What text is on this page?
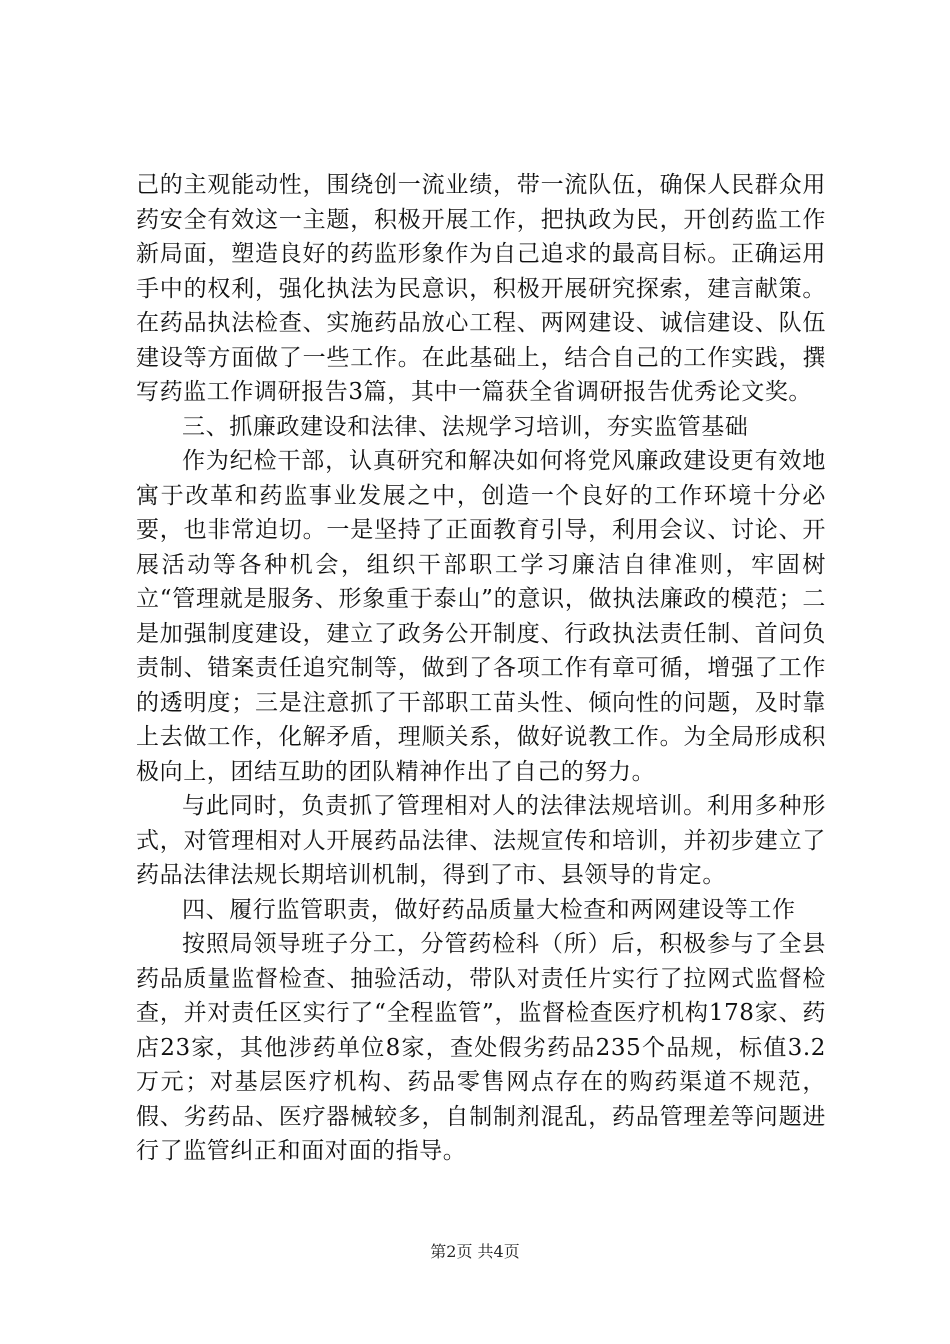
己的主观能动性，围绕创一流业绩，带一流队伍，确保人民群众用药安全有效这一主题，积极开展工作，把执政为民，开创药监工作新局面，塑造良好的药监形象作为自己追求的最高目标。正确运用手中的权利，强化执法为民意识，积极开展研究探索，建言献策。在药品执法检查、实施药品放心工程、两网建设、诚信建设、队伍建设等方面做了一些工作。在此基础上，结合自己的工作实践，撰写药监工作调研报告3篇，其中一篇获全省调研报告优秀论文奖。

三、抓廉政建设和法律、法规学习培训，夯实监管基础

作为纪检干部，认真研究和解决如何将党风廉政建设更有效地寓于改革和药监事业发展之中，创造一个良好的工作环境十分必要，也非常迫切。一是坚持了正面教育引导，利用会议、讨论、开展活动等各种机会，组织干部职工学习廉洁自律准则，牢固树立“管理就是服务、形象重于泰山”的意识，做执法廉政的模范；二是加强制度建设，建立了政务公开制度、行政执法责任制、首问负责制、错案责任追究制等，做到了各项工作有章可循，增强了工作的透明度；三是注意抓了干部职工苗头性、倾向性的问题，及时靠上去做工作，化解矛盾，理顺关系，做好说教工作。为全局形成积极向上，团结互助的团队精神作出了自己的努力。

与此同时，负责抓了管理相对人的法律法规培训。利用多种形式，对管理相对人开展药品法律、法规宣传和培训，并初步建立了药品法律法规长期培训机制，得到了市、县领导的肯定。

四、履行监管职责，做好药品质量大检查和两网建设等工作

按照局领导班子分工，分管药检科（所）后，积极参与了全县药品质量监督检查、抽验活动，带队对责任片实行了拉网式监督检查，并对责任区实行了“全程监管”，监督检查医疗机构178家、药店23家，其他涉药单位8家，查处假劣药品235个品规，标值3.2万元；对基层医疗机构、药品零售网点存在的购药渠道不规范，假、劣药品、医疗器械较多，自制制剂混乱，药品管理差等问题进行了监管纠正和面对面的指导。

第2页 共4页
